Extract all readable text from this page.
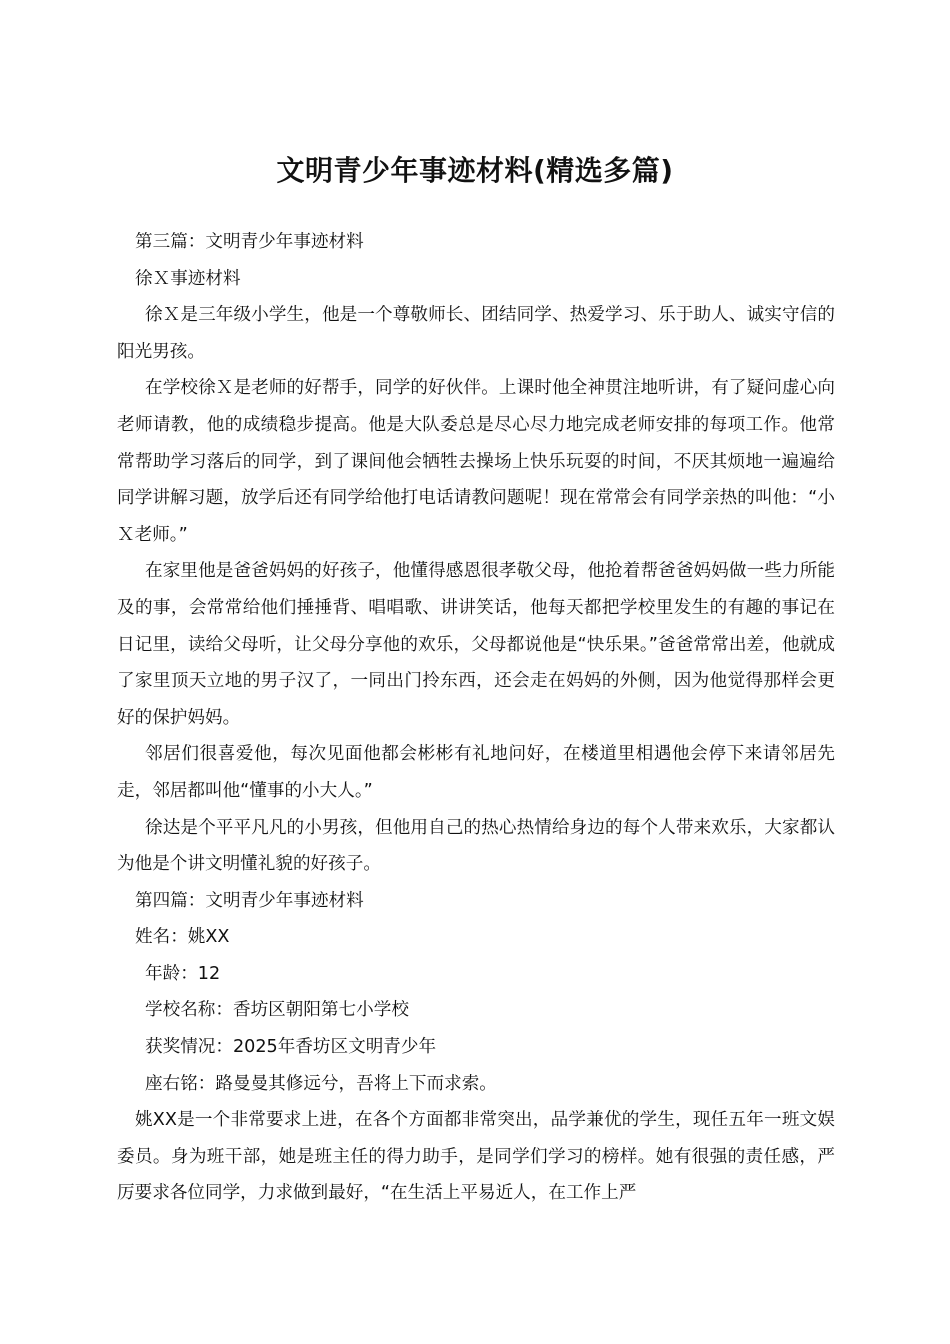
文明青少年事迹材料(精选多篇)

第三篇：文明青少年事迹材料

徐Ｘ事迹材料

徐Ｘ是三年级小学生，他是一个尊敬师长、团结同学、热爱学习、乐于助人、诚实守信的阳光男孩。

在学校徐Ｘ是老师的好帮手，同学的好伙伴。上课时他全神贯注地听讲，有了疑问虚心向老师请教，他的成绩稳步提高。他是大队委总是尽心尽力地完成老师安排的每项工作。他常常帮助学习落后的同学，到了课间他会牺牲去操场上快乐玩耍的时间，不厌其烦地一遍遍给同学讲解习题，放学后还有同学给他打电话请教问题呢！现在常常会有同学亲热的叫他：“小Ｘ老师。”

在家里他是爸爸妈妈的好孩子，他懂得感恩很孝敬父母，他抢着帮爸爸妈妈做一些力所能及的事，会常常给他们捶捶背、唱唱歌、讲讲笑话，他每天都把学校里发生的有趣的事记在日记里，读给父母听，让父母分享他的欢乐，父母都说他是“快乐果。”爸爸常常出差，他就成了家里顶天立地的男子汉了，一同出门拎东西，还会走在妈妈的外侧，因为他觉得那样会更好的保护妈妈。

邻居们很喜爱他，每次见面他都会彬彬有礼地问好，在楼道里相遇他会停下来请邻居先走，邻居都叫他“懂事的小大人。”

徐达是个平平凡凡的小男孩，但他用自己的热心热情给身边的每个人带来欢乐，大家都认为他是个讲文明懂礼貌的好孩子。

第四篇：文明青少年事迹材料

姓名：姚XX

年龄：12

学校名称：香坊区朝阳第七小学校

获奖情况：2025年香坊区文明青少年

座右铭：路曼曼其修远兮，吾将上下而求索。

姚XX是一个非常要求上进，在各个方面都非常突出，品学兼优的学生，现任五年一班文娱委员。身为班干部，她是班主任的得力助手，是同学们学习的榜样。她有很强的责任感，严厉要求各位同学，力求做到最好，“在生活上平易近人，在工作上严
